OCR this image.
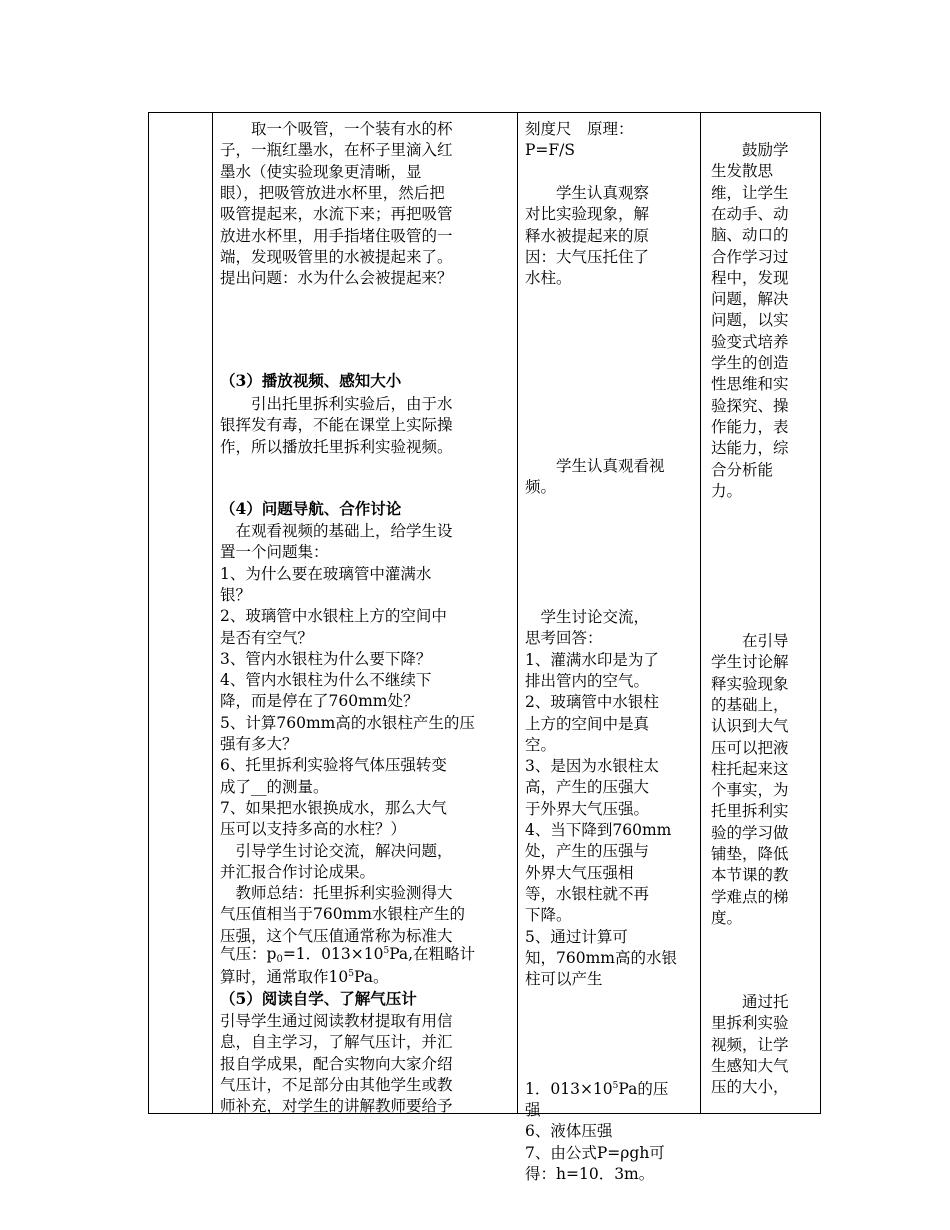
　　取一个吸管，一个装有水的杯
子，一瓶红墨水，在杯子里滴入红
墨水（使实验现象更清晰，显
眼），把吸管放进水杯里，然后把
吸管提起来，水流下来；再把吸管
放进水杯里，用手指堵住吸管的一
端，发现吸管里的水被提起来了。
提出问题：水为什么会被提起来？
（3）播放视频、感知大小
　　引出托里拆利实验后，由于水
银挥发有毒，不能在课堂上实际操
作，所以播放托里拆利实验视频。
（4）问题导航、合作讨论
　在观看视频的基础上，给学生设
置一个问题集：
1、为什么要在玻璃管中灌满水
银？
2、玻璃管中水银柱上方的空间中
是否有空气？
3、管内水银柱为什么要下降？
4、管内水银柱为什么不继续下
降，而是停在了760mm处？
5、计算760mm高的水银柱产生的压
强有多大？
6、托里拆利实验将气体压强转变
成了__的测量。
7、如果把水银换成水，那么大气
压可以支持多高的水柱？）
　引导学生讨论交流，解决问题，
并汇报合作讨论成果。
　教师总结：托里拆利实验测得大
气压值相当于760mm水银柱产生的
压强，这个气压值通常称为标准大
气压：$p_0=1$．$013\times 10^5Pa$,在粗略计
算时，通常取作$10^5Pa$。
（5）阅读自学、了解气压计
引导学生通过阅读教材提取有用信
息，自主学习，了解气压计，并汇
报自学成果，配合实物向大家介绍
气压计，不足部分由其他学生或教
师补充，对学生的讲解教师要给予
刻度尺　原理：
P=F/S
　　学生认真观察
对比实验现象，解
释水被提起来的原
因：大气压托住了
水柱。
　　学生认真观看视
频。
　学生讨论交流，
思考回答：
1、灌满水印是为了
排出管内的空气。
2、玻璃管中水银柱
上方的空间中是真
空。
3、是因为水银柱太
高，产生的压强大
于外界大气压强。
4、当下降到760mm
处，产生的压强与
外界大气压强相
等，水银柱就不再
下降。
5、通过计算可
知，760mm高的水银
柱可以产生
1．$013\times 10^5Pa$的压
强
6、液体压强
7、由公式P=ρgh可
得：h=10．3m。
　　鼓励学
生发散思
维，让学生
在动手、动
脑、动口的
合作学习过
程中，发现
问题，解决
问题，以实
验变式培养
学生的创造
性思维和实
验探究、操
作能力，表
达能力，综
合分析能
力。
　　在引导
学生讨论解
释实验现象
的基础上，
认识到大气
压可以把液
柱托起来这
个事实，为
托里拆利实
验的学习做
铺垫，降低
本节课的教
学难点的梯
度。
　　通过托
里拆利实验
视频，让学
生感知大气
压的大小，
